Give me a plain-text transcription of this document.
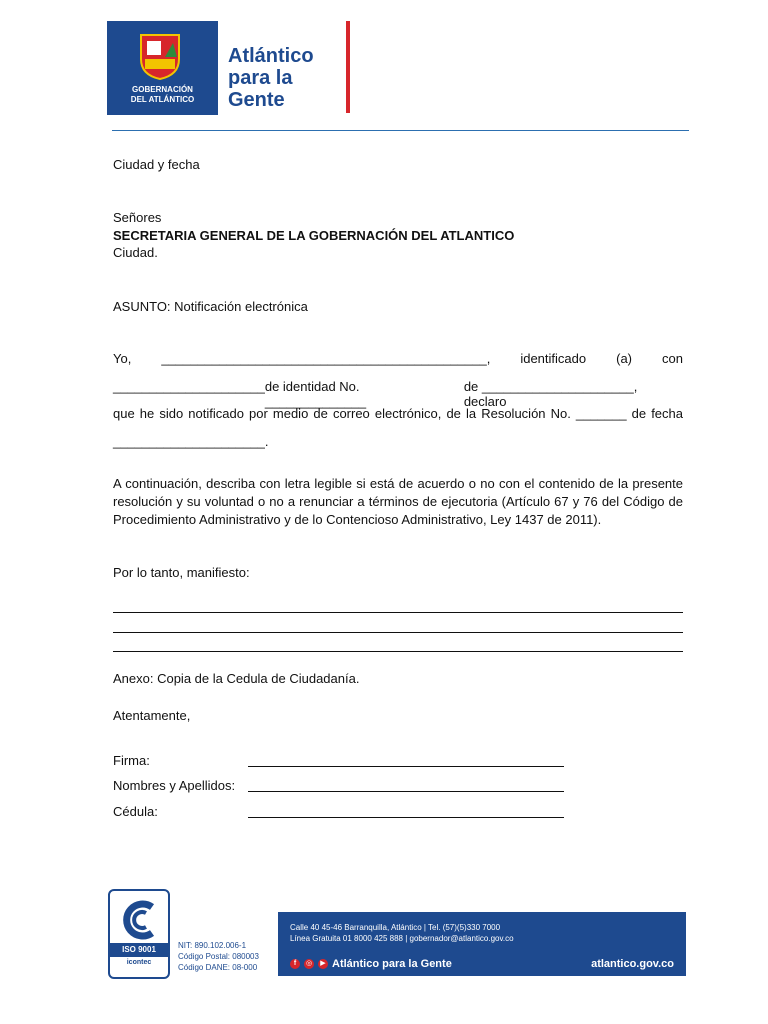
GOBERNACIÓN
DEL ATLÁNTICO
Atlántico
para la
Gente
Ciudad y fecha
Señores
SECRETARIA GENERAL DE LA GOBERNACIÓN DEL ATLANTICO
Ciudad.
ASUNTO: Notificación electrónica
Yo, _____________________________________________, identificado (a) con
_____________________ de identidad No. ______________
de _____________________, declaro
que he sido notificado por medio de correo electrónico, de la Resolución No. _______ de fecha
_____________________.
A continuación, describa con letra legible si está de acuerdo o no con el contenido de la presente resolución y su voluntad o no a renunciar a términos de ejecutoria (Artículo 67 y 76 del Código de Procedimiento Administrativo y de lo Contencioso Administrativo, Ley 1437 de 2011).
Por lo tanto, manifiesto:
Anexo: Copia de la Cedula de Ciudadanía.
Atentamente,
Firma:
Nombres y Apellidos:
Cédula:
ISO 9001
icontec
NIT: 890.102.006-1
Código Postal: 080003
Código DANE: 08-000
Calle 40 45-46 Barranquilla, Atlántico | Tel. (57)(5)330 7000
Línea Gratuita 01 8000 425 888 | gobernador@atlantico.gov.co
f	◎	▶ Atlántico para la Gente	atlantico.gov.co
